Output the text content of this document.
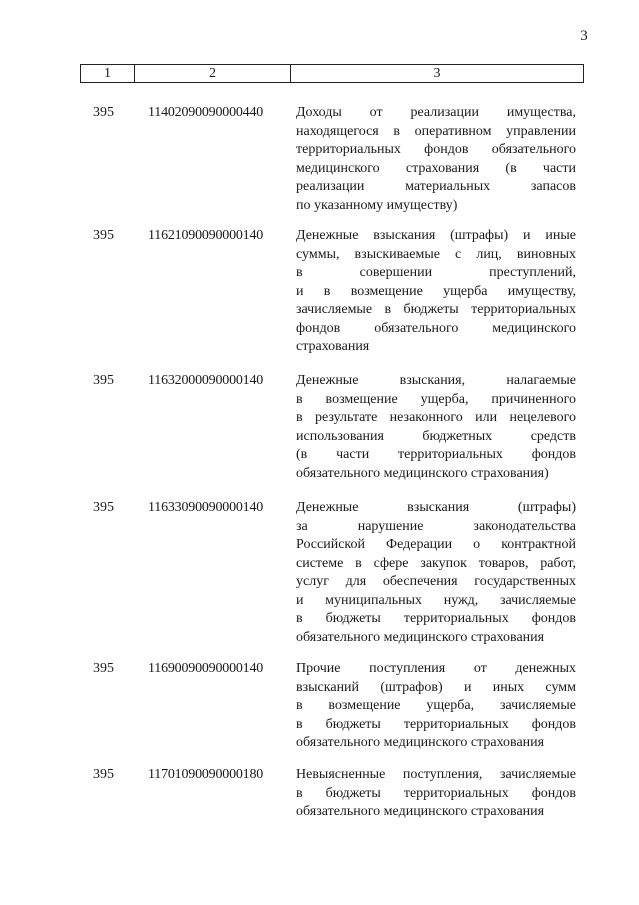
3
1	2	3
395	11402090090000440	Доходы от реализации имущества,
находящегося в оперативном управлении
территориальных фондов обязательного
медицинского страхования (в части
реализации материальных запасов
по указанному имуществу)
395	11621090090000140	Денежные взыскания (штрафы) и иные
суммы, взыскиваемые с лиц, виновных
в совершении преступлений,
и в возмещение ущерба имуществу,
зачисляемые в бюджеты территориальных
фондов обязательного медицинского
страхования
395	11632000090000140	Денежные взыскания, налагаемые
в возмещение ущерба, причиненного
в результате незаконного или нецелевого
использования бюджетных средств
(в части территориальных фондов
обязательного медицинского страхования)
395	11633090090000140	Денежные взыскания (штрафы)
за нарушение законодательства
Российской Федерации о контрактной
системе в сфере закупок товаров, работ,
услуг для обеспечения государственных
и муниципальных нужд, зачисляемые
в бюджеты территориальных фондов
обязательного медицинского страхования
395	11690090090000140	Прочие поступления от денежных
взысканий (штрафов) и иных сумм
в возмещение ущерба, зачисляемые
в бюджеты территориальных фондов
обязательного медицинского страхования
395	11701090090000180	Невыясненные поступления, зачисляемые
в бюджеты территориальных фондов
обязательного медицинского страхования
